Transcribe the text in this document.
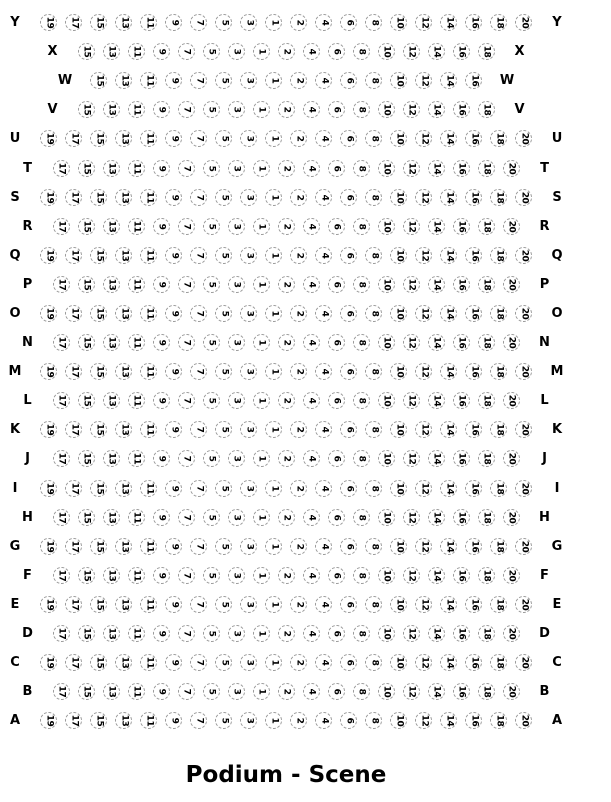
Y	19 17 15 13 11 9 7 5 3 1 2 4 6 8 10 12 14 16 18 20	Y
X	15 13 11 9 7 5 3 1 2 4 6 8 10 12 14 16 18	X
W	15 13 11 9 7 5 3 1 2 4 6 8 10 12 14 16 W
V	15 13 11 9 7 5 3 1 2 4 6 8 10 12 14 16 18	V
U	19 17 15 13 11 9 7 5 3 1 2 4 6 8 10 12 14 16 18 20	U
T	17 15 13 11 9 7 5 3 1 2 4 6 8 10 12 14 16 18 20	T
S	19 17 15 13 11 9 7 5 3 1 2 4 6 8 10 12 14 16 18 20	S
R	17 15 13 11 9 7 5 3 1 2 4 6 8 10 12 14 16 18 20	R
Q	19 17 15 13 11 9 7 5 3 1 2 4 6 8 10 12 14 16 18 20	Q
P	17 15 13 11 9 7 5 3 1 2 4 6 8 10 12 14 16 18 20	P
O	19 17 15 13 11 9 7 5 3 1 2 4 6 8 10 12 14 16 18 20	O
N	17 15 13 11 9 7 5 3 1 2 4 6 8 10 12 14 16 18 20	N
M	19 17 15 13 11 9 7 5 3 1 2 4 6 8 10 12 14 16 18 20	M
L	17 15 13 11 9 7 5 3 1 2 4 6 8 10 12 14 16 18 20	L
K	19 17 15 13 11 9 7 5 3 1 2 4 6 8 10 12 14 16 18 20	K
J	17 15 13 11 9 7 5 3 1 2 4 6 8 10 12 14 16 18 20	J
I	19 17 15 13 11 9 7 5 3 1 2 4 6 8 10 12 14 16 18 20	I
H	17 15 13 11 9 7 5 3 1 2 4 6 8 10 12 14 16 18 20	H
G	19 17 15 13 11 9 7 5 3 1 2 4 6 8 10 12 14 16 18 20	G
F	17 15 13 11 9 7 5 3 1 2 4 6 8 10 12 14 16 18 20	F
E	19 17 15 13 11 9 7 5 3 1 2 4 6 8 10 12 14 16 18 20	E
D	17 15 13 11 9 7 5 3 1 2 4 6 8 10 12 14 16 18 20	D
C	19 17 15 13 11 9 7 5 3 1 2 4 6 8 10 12 14 16 18 20	C
B	17 15 13 11 9 7 5 3 1 2 4 6 8 10 12 14 16 18 20	B
A	19 17 15 13 11 9 7 5 3 1 2 4 6 8 10 12 14 16 18 20	A
Podium - Scene
